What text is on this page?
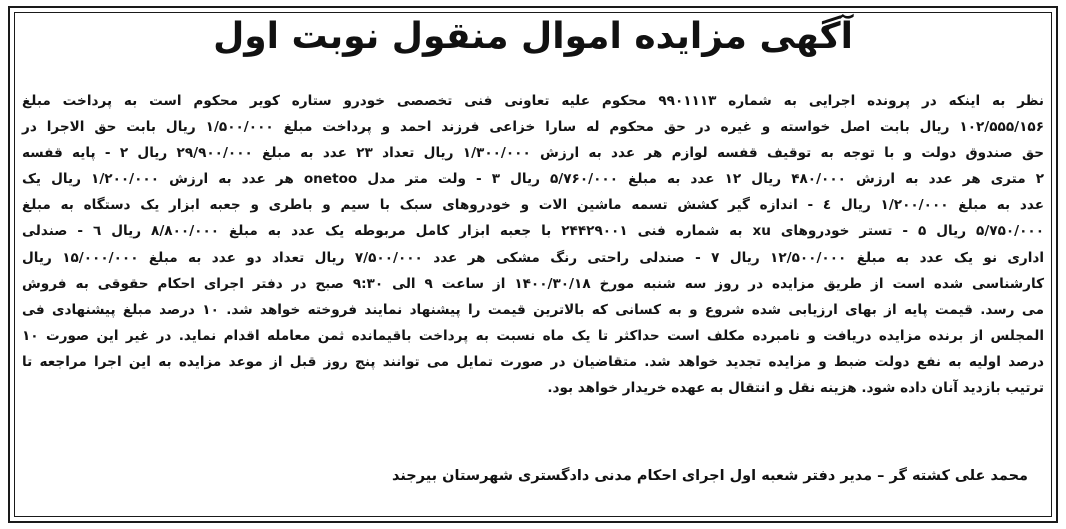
آگهی مزایده اموال منقول نوبت اول

نظر به اینکه در پرونده اجرایی به شماره ۹۹۰۱۱۱۳ محکوم علیه تعاونی فنی تخصصی خودرو ستاره کویر محکوم است به پرداخت مبلغ

۱۰۲/۵۵۵/۱۵۶ ریال بابت اصل خواسته و غیره در حق محکوم له سارا خزاعی فرزند احمد و پرداخت مبلغ ۱/۵۰۰/۰۰۰ ریال بابت حق الاجرا در

حق صندوق دولت و با توجه به توقیف قفسه لوازم هر عدد به ارزش ۱/۳۰۰/۰۰۰ ریال تعداد ۲۳ عدد به مبلغ ۲۹/۹۰۰/۰۰۰ ریال ۲ - پایه قفسه

۲ متری هر عدد به ارزش ۴۸۰/۰۰۰ ریال ۱۲ عدد به مبلغ ۵/۷۶۰/۰۰۰ ریال ۳ - ولت متر مدل onetoo هر عدد به ارزش ۱/۲۰۰/۰۰۰ ریال یک

عدد به مبلغ ۱/۲۰۰/۰۰۰ ریال ٤ - اندازه گیر کشش تسمه ماشین الات و خودروهای سبک با سیم و باطری و جعبه ابزار یک دستگاه به مبلغ

۵/۷۵۰/۰۰۰ ریال ۵ - تستر خودروهای xu به شماره فنی ۲۴۴۲۹۰۰۱ با جعبه ابزار کامل مربوطه یک عدد به مبلغ ۸/۸۰۰/۰۰۰ ریال ٦ - صندلی

اداری نو یک عدد به مبلغ ۱۲/۵۰۰/۰۰۰ ریال ۷ - صندلی راحتی رنگ مشکی هر عدد ۷/۵۰۰/۰۰۰ ریال تعداد دو عدد به مبلغ ۱۵/۰۰۰/۰۰۰ ریال

کارشناسی شده است از طریق مزایده در روز سه شنبه مورخ ۱۴۰۰/۳۰/۱۸ از ساعت ۹ الی ۹:۳۰ صبح در دفتر اجرای احکام حقوقی به فروش

می رسد. قیمت پایه از بهای ارزیابی شده شروع و به کسانی که بالاترین قیمت را پیشنهاد نمایند فروخته خواهد شد. ۱۰ درصد مبلغ پیشنهادی فی

المجلس از برنده مزایده دریافت و نامبرده مکلف است حداکثر تا یک ماه نسبت به پرداخت باقیمانده ثمن معامله اقدام نماید. در غیر این صورت ۱۰

درصد اولیه به نفع دولت ضبط و مزایده تجدید خواهد شد. متقاضیان در صورت تمایل می توانند پنج روز قبل از موعد مزایده به این اجرا مراجعه تا

ترتیب بازدید آنان داده شود. هزینه نقل و انتقال به عهده خریدار خواهد بود.

محمد علی کشته گر – مدیر دفتر شعبه اول اجرای احکام مدنی دادگستری شهرستان بیرجند
